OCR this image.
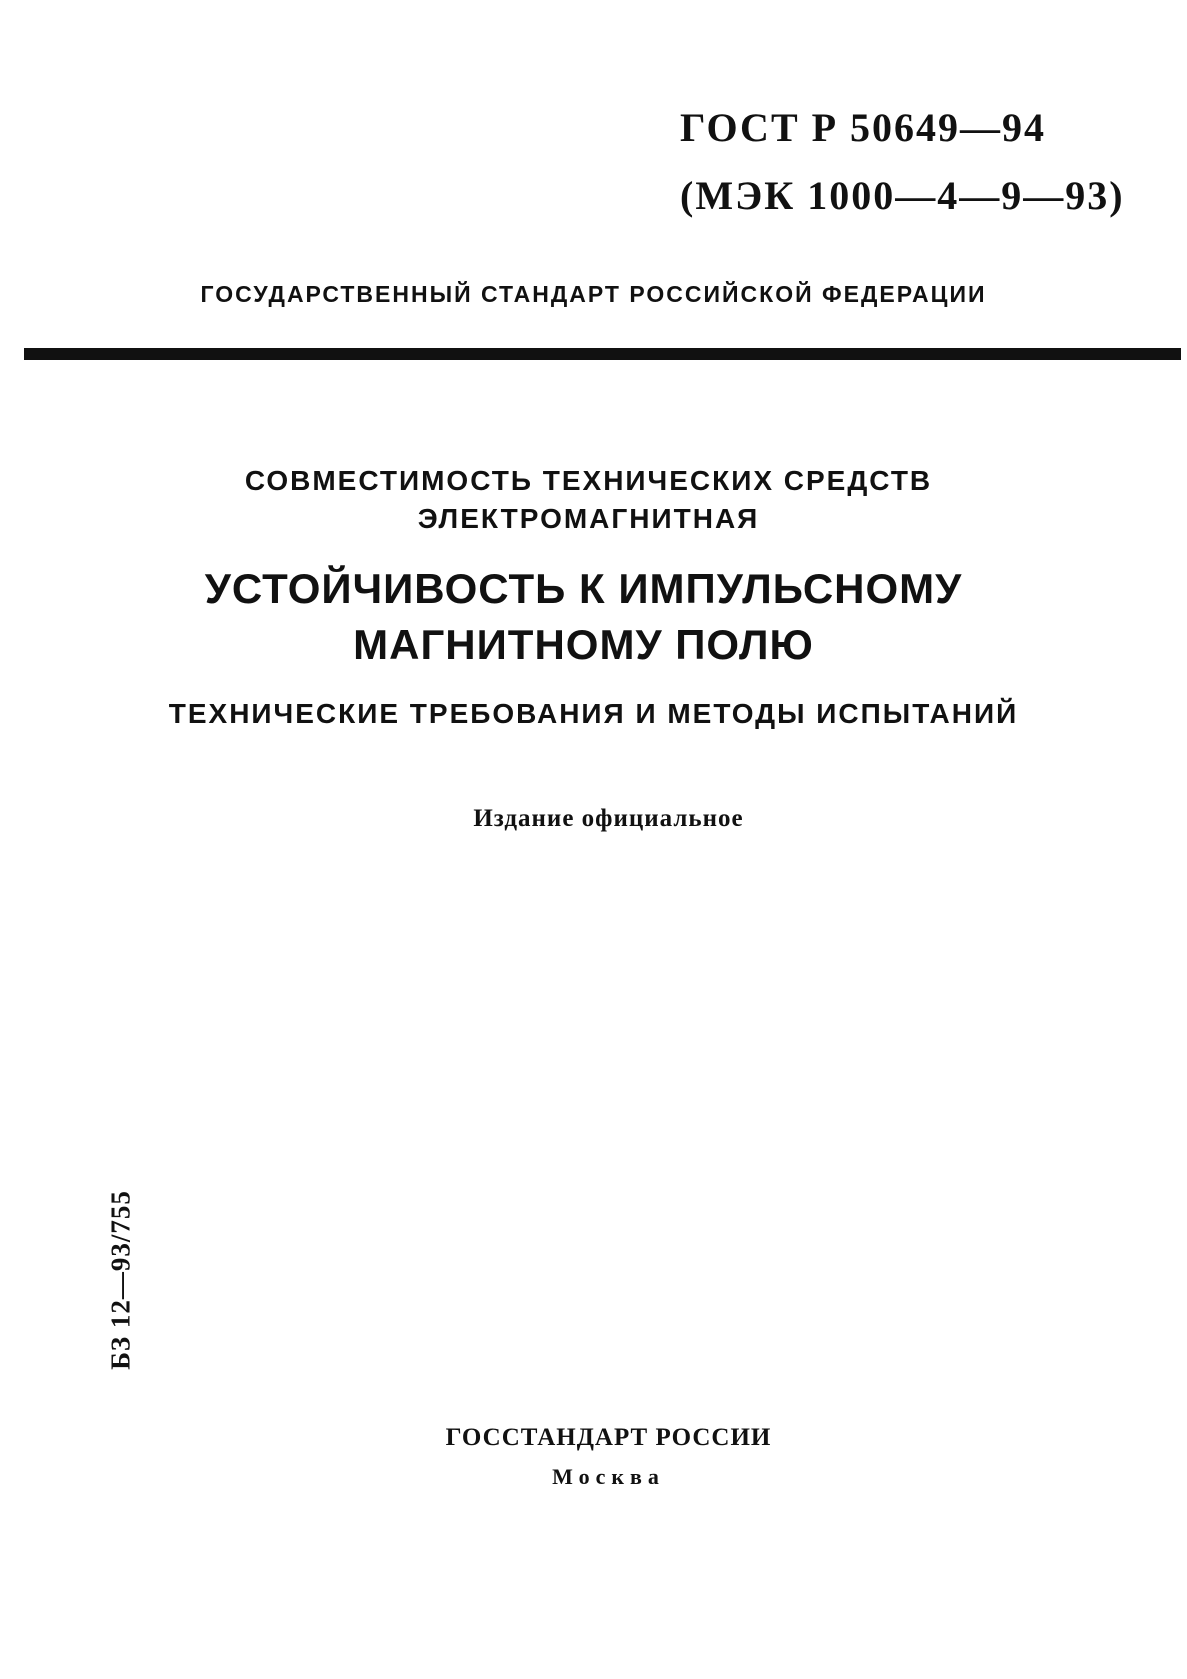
ГОСТ Р 50649—94
(МЭК 1000—4—9—93)
ГОСУДАРСТВЕННЫЙ СТАНДАРТ РОССИЙСКОЙ ФЕДЕРАЦИИ
СОВМЕСТИМОСТЬ ТЕХНИЧЕСКИХ СРЕДСТВ
ЭЛЕКТРОМАГНИТНАЯ
УСТОЙЧИВОСТЬ К ИМПУЛЬСНОМУ
МАГНИТНОМУ ПОЛЮ
ТЕХНИЧЕСКИЕ ТРЕБОВАНИЯ И МЕТОДЫ ИСПЫТАНИЙ
Издание официальное
БЗ 12—93/755
ГОССТАНДАРТ РОССИИ
Москва
